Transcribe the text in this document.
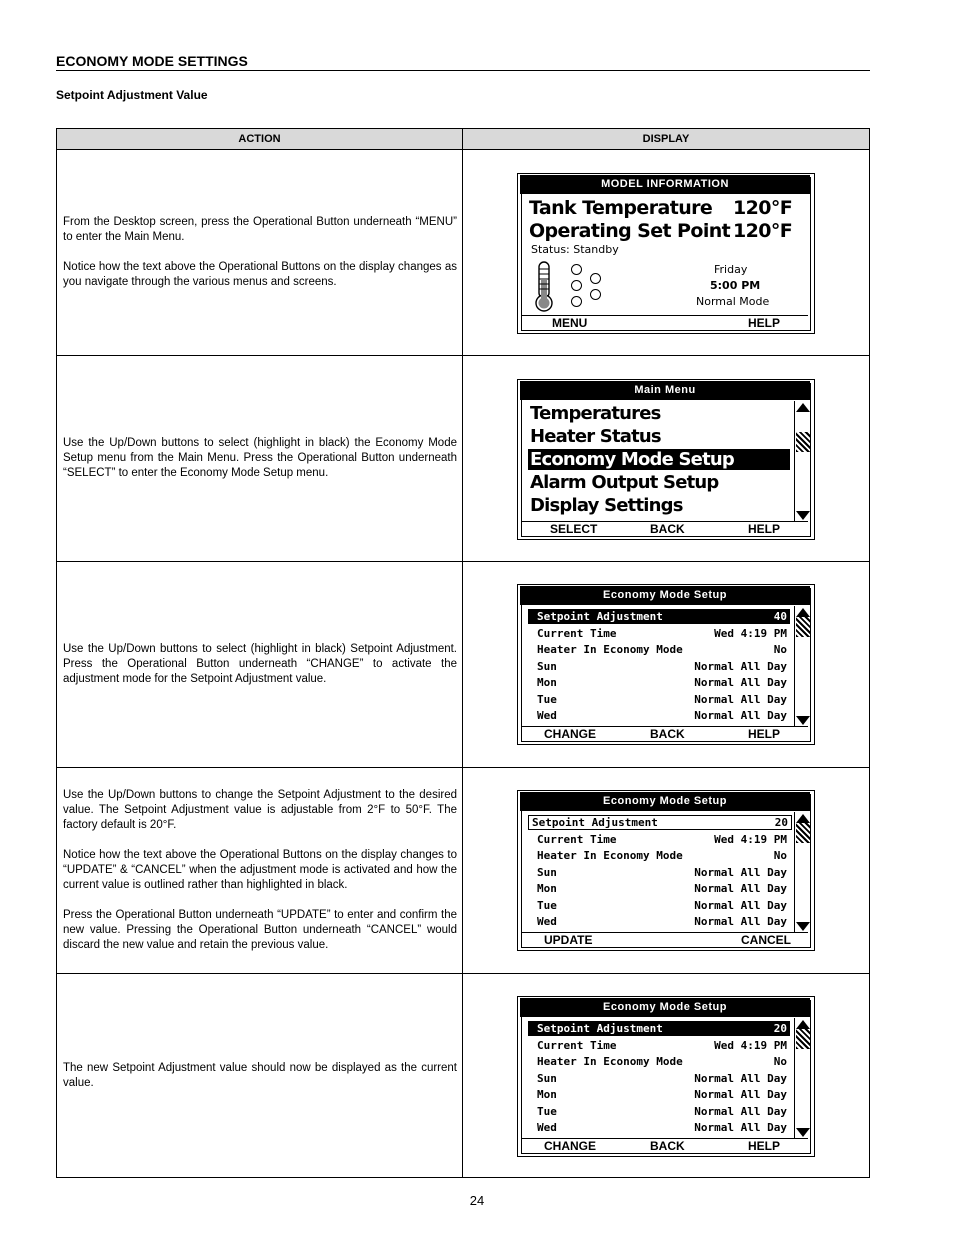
ECONOMY MODE SETTINGS
Setpoint Adjustment Value
ACTION	DISPLAY

From the Desktop screen, press the Operational Button underneath “MENU” to enter the Main Menu.

Notice how the text above the Operational Buttons on the display changes as you navigate through the various menus and screens.

MODEL INFORMATION
Tank Temperature 120°F
Operating Set Point 120°F
Status: Standby
Friday
5:00 PM
Normal Mode
MENU	HELP

Use the Up/Down buttons to select (highlight in black) the Economy Mode Setup menu from the Main Menu. Press the Operational Button underneath “SELECT” to enter the Economy Mode Setup menu.

Main Menu
Temperatures
Heater Status
Economy Mode Setup
Alarm Output Setup
Display Settings
SELECT	BACK	HELP

Use the Up/Down buttons to select (highlight in black) Setpoint Adjustment. Press the Operational Button underneath “CHANGE” to activate the adjustment mode for the Setpoint Adjustment value.

Economy Mode Setup
Setpoint Adjustment	40
Current Time	Wed 4:19 PM
Heater In Economy Mode	No
Sun	Normal All Day
Mon	Normal All Day
Tue	Normal All Day
Wed	Normal All Day
CHANGE	BACK	HELP

Use the Up/Down buttons to change the Setpoint Adjustment to the desired value. The Setpoint Adjustment value is adjustable from 2°F to 50°F. The factory default is 20°F.

Notice how the text above the Operational Buttons on the display changes to “UPDATE” & “CANCEL” when the adjustment mode is activated and how the current value is outlined rather than highlighted in black.

Press the Operational Button underneath “UPDATE” to enter and confirm the new value. Pressing the Operational Button underneath “CANCEL” would discard the new value and retain the previous value.

Economy Mode Setup
Setpoint Adjustment	20
Current Time	Wed 4:19 PM
Heater In Economy Mode	No
Sun	Normal All Day
Mon	Normal All Day
Tue	Normal All Day
Wed	Normal All Day
UPDATE	CANCEL

The new Setpoint Adjustment value should now be displayed as the current value.

Economy Mode Setup
Setpoint Adjustment	20
Current Time	Wed 4:19 PM
Heater In Economy Mode	No
Sun	Normal All Day
Mon	Normal All Day
Tue	Normal All Day
Wed	Normal All Day
CHANGE	BACK	HELP
24
